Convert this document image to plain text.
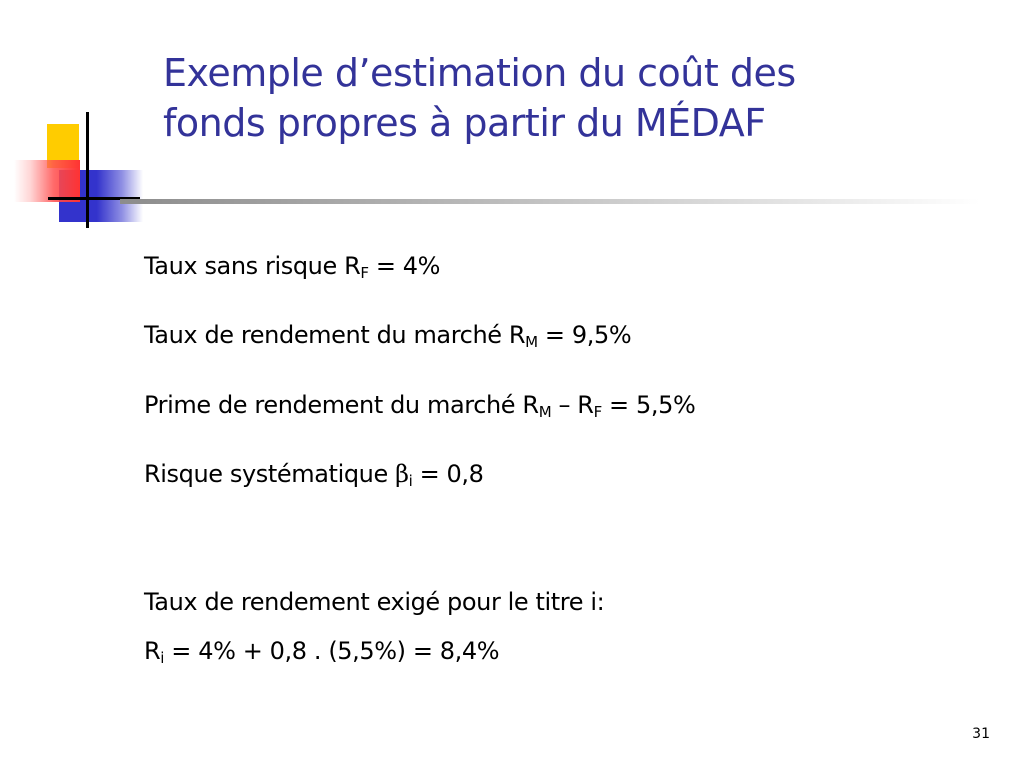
Exemple d’estimation du coût des
fonds propres à partir du MÉDAF
Taux sans risque $R_F = 4\%$
Taux de rendement du marché $R_M = 9,5\%$
Prime de rendement du marché $R_M - R_F = 5,5\%$
Risque systématique $\beta_i = 0,8$
Taux de rendement exigé pour le titre i:
$R_i = 4\% + 0,8$ . (5,5%) = 8,4%
31
